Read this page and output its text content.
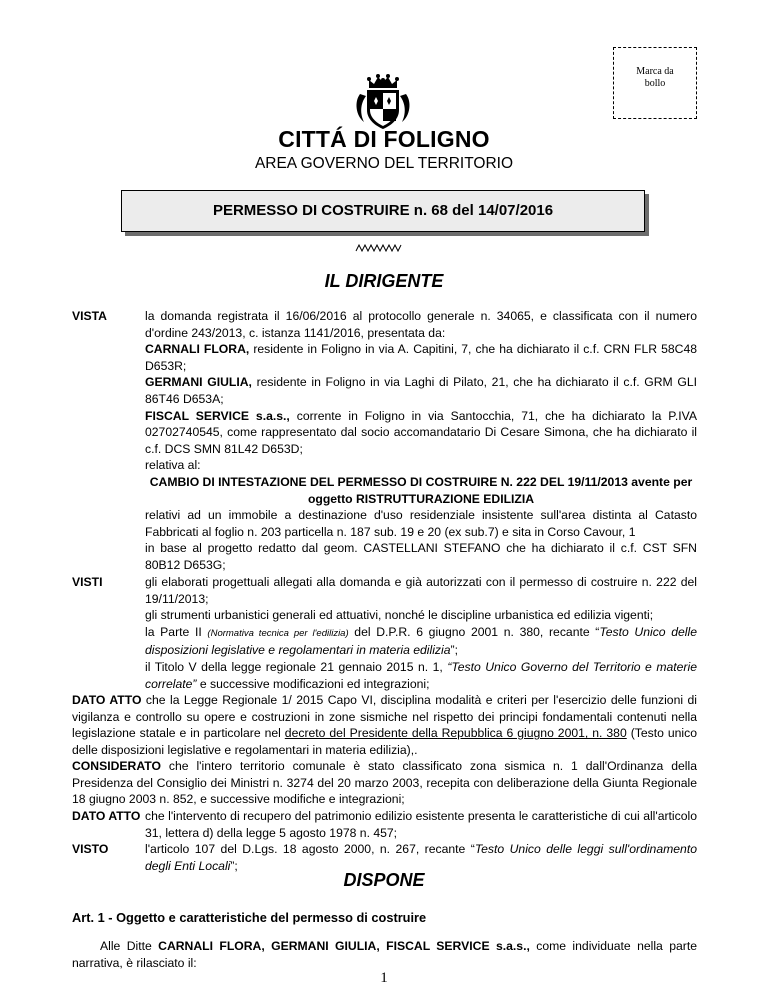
Marca da
bollo
CITTÁ DI FOLIGNO
AREA GOVERNO DEL TERRITORIO
PERMESSO DI COSTRUIRE n. 68 del 14/07/2016
IL DIRIGENTE
VISTA	la domanda registrata il 16/06/2016 al protocollo generale n. 34065, e classificata con il numero d'ordine 243/2013, c. istanza 1141/2016, presentata da:

CARNALI FLORA, residente in Foligno in via A. Capitini, 7, che ha dichiarato il c.f. CRN FLR 58C48 D653R;

GERMANI GIULIA, residente in Foligno in via Laghi di Pilato, 21, che ha dichiarato il c.f. GRM GLI 86T46 D653A;

FISCAL SERVICE s.a.s., corrente in Foligno in via Santocchia, 71, che ha dichiarato la P.IVA 02702740545, come rappresentato dal socio accomandatario Di Cesare Simona, che ha dichiarato il c.f. DCS SMN 81L42 D653D;

relativa al:

CAMBIO DI INTESTAZIONE DEL PERMESSO DI COSTRUIRE N. 222 DEL 19/11/2013 avente per

oggetto RISTRUTTURAZIONE EDILIZIA

relativi ad un immobile a destinazione d'uso residenziale insistente sull'area distinta al Catasto Fabbricati al foglio n. 203 particella n. 187 sub. 19 e 20 (ex sub.7) e sita in Corso Cavour, 1

in base al progetto redatto dal geom. CASTELLANI STEFANO che ha dichiarato il c.f. CST SFN 80B12 D653G;

VISTI	gli elaborati progettuali allegati alla domanda e già autorizzati con il permesso di costruire n. 222 del 19/11/2013;

gli strumenti urbanistici generali ed attuativi, nonché le discipline urbanistica ed edilizia vigenti;

la Parte II (Normativa tecnica per l'edilizia) del D.P.R. 6 giugno 2001 n. 380, recante “Testo Unico delle disposizioni legislative e regolamentari in materia edilizia”;

il Titolo V della legge regionale 21 gennaio 2015 n. 1, “Testo Unico Governo del Territorio e materie correlate” e successive modificazioni ed integrazioni;

DATO ATTO che la Legge Regionale 1/ 2015 Capo VI, disciplina modalità e criteri per l'esercizio delle funzioni di vigilanza e controllo su opere e costruzioni in zone sismiche nel rispetto dei principi fondamentali contenuti nella legislazione statale e in particolare nel decreto del Presidente della Repubblica 6 giugno 2001, n. 380 (Testo unico delle disposizioni legislative e regolamentari in materia edilizia),.
CONSIDERATO che l'intero territorio comunale è stato classificato zona sismica n. 1 dall'Ordinanza della Presidenza del Consiglio dei Ministri n. 3274 del 20 marzo 2003, recepita con deliberazione della Giunta Regionale 18 giugno 2003 n. 852, e successive modifiche e integrazioni;
DATO ATTO che l'intervento di recupero del patrimonio edilizio esistente presenta le caratteristiche di cui all'articolo 31, lettera d) della legge 5 agosto 1978 n. 457;

VISTO	l'articolo 107 del D.Lgs. 18 agosto 2000, n. 267, recante “Testo Unico delle leggi sull'ordinamento degli Enti Locali”;

DISPONE
Art. 1 - Oggetto e caratteristiche del permesso di costruire
Alle Ditte CARNALI FLORA, GERMANI GIULIA, FISCAL SERVICE s.a.s., come individuate nella parte narrativa, è rilasciato il:
1
